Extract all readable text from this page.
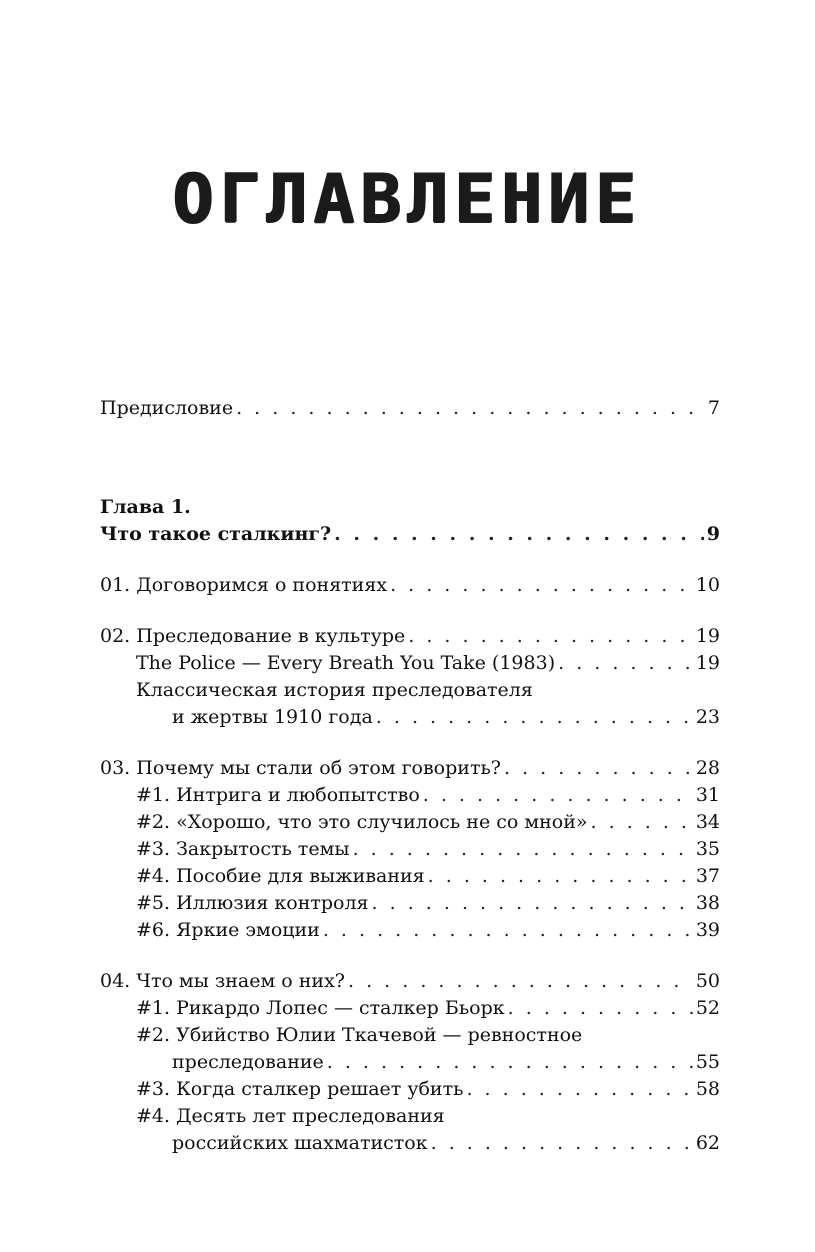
ОГЛАВЛЕНИЕ
Предисловие . . .	7
Глава 1.
Что такое сталкинг? . . .	9
01. Договоримся о понятиях . . .	10
02. Преследование в культуре . . .	19
The Police — Every Breath You Take (1983) . . .	19
Классическая история преследователя
и жертвы 1910 года . . .	23
03. Почему мы стали об этом говорить? . . .	28
#1. Интрига и любопытство . . .	31
#2. «Хорошо, что это случилось не со мной» . . .	34
#3. Закрытость темы . . .	35
#4. Пособие для выживания . . .	37
#5. Иллюзия контроля . . .	38
#6. Яркие эмоции . . .	39
04. Что мы знаем о них? . . .	50
#1. Рикардо Лопес — сталкер Бьорк . . .	52
#2. Убийство Юлии Ткачевой — ревностное
преследование . . .	55
#3. Когда сталкер решает убить . . .	58
#4. Десять лет преследования
российских шахматисток . . .	62
